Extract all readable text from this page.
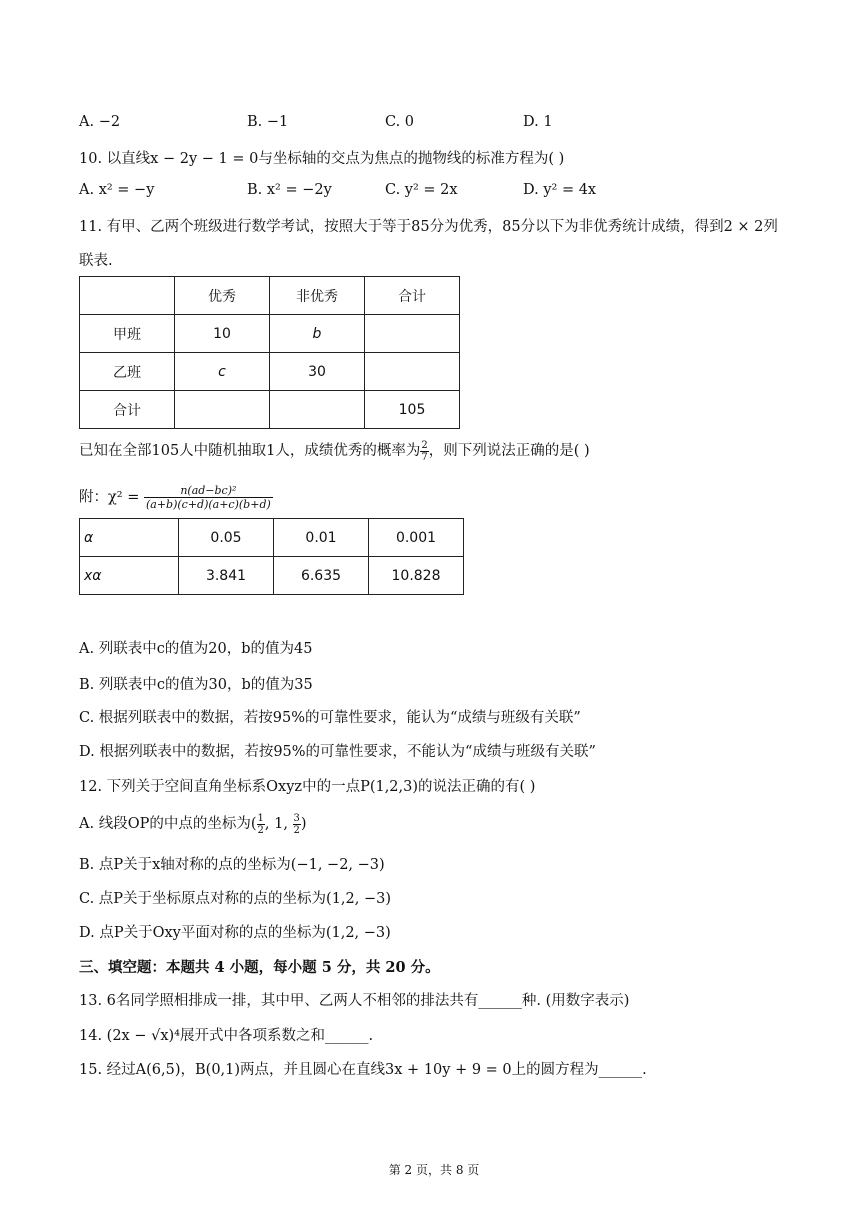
A. −2	B. −1	C. 0	D. 1
10. 以直线x − 2y − 1 = 0与坐标轴的交点为焦点的抛物线的标准方程为( )
A. x² = −y	B. x² = −2y	C. y² = 2x	D. y² = 4x
11. 有甲、乙两个班级进行数学考试，按照大于等于85分为优秀，85分以下为非优秀统计成绩，得到2 × 2列
联表.
	优秀	非优秀	合计
甲班	10	b	
乙班	c	30	
合计			105
已知在全部105人中随机抽取1人，成绩优秀的概率为 $\frac{2}{7}$ ，则下列说法正确的是( )
附：$\chi^2 = \frac{\text{n(ad−bc)²}}{(a+b)(c+d)(a+c)(b+d)}$
α	0.05	0.01	0.001
xα	3.841	6.635	10.828
A. 列联表中c的值为20，b的值为45
B. 列联表中c的值为30，b的值为35
C. 根据列联表中的数据，若按95%的可靠性要求，能认为“成绩与班级有关联”
D. 根据列联表中的数据，若按95%的可靠性要求，不能认为“成绩与班级有关联”
12. 下列关于空间直角坐标系Oxyz中的一点P(1,2,3)的说法正确的有( )
A. 线段OP的中点的坐标为( $\frac{1}{2}$ , 1, $\frac{3}{2}$ )
B. 点P关于x轴对称的点的坐标为(−1, −2, −3)
C. 点P关于坐标原点对称的点的坐标为(1,2, −3)
D. 点P关于Oxy平面对称的点的坐标为(1,2, −3)
三、填空题：本题共 4 小题，每小题 5 分，共 20 分。
13. 6名同学照相排成一排，其中甲、乙两人不相邻的排法共有______种. (用数字表示)
14. (2x − √x)⁴展开式中各项系数之和______.
15. 经过A(6,5)，B(0,1)两点，并且圆心在直线3x + 10y + 9 = 0上的圆方程为______.
第 2 页，共 8 页
